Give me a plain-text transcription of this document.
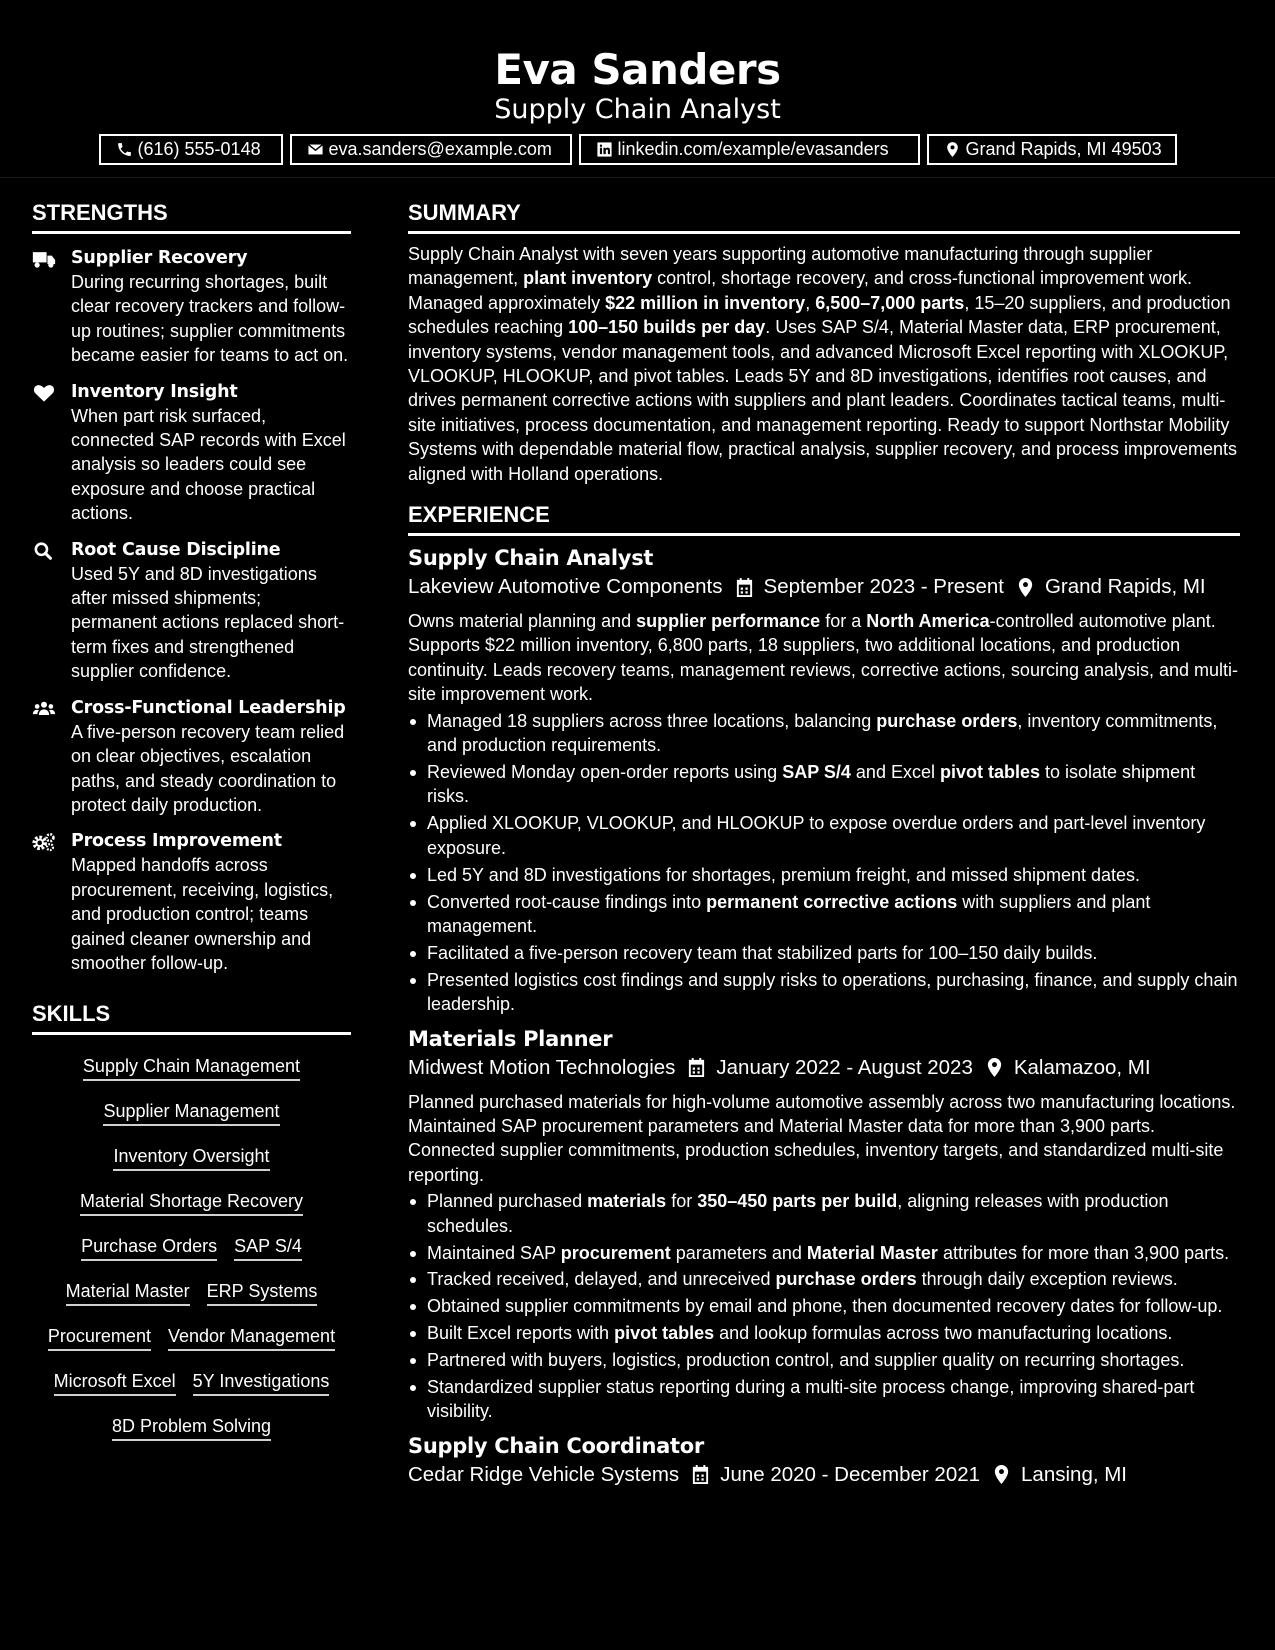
Eva Sanders
Supply Chain Analyst
(616) 555-0148	eva.sanders@example.com	linkedin.com/example/evasanders	Grand Rapids, MI 49503
STRENGTHS
Supplier Recovery
During recurring shortages, built clear recovery trackers and follow-up routines; supplier commitments became easier for teams to act on.
Inventory Insight
When part risk surfaced, connected SAP records with Excel analysis so leaders could see exposure and choose practical actions.
Root Cause Discipline
Used 5Y and 8D investigations after missed shipments; permanent actions replaced short-term fixes and strengthened supplier confidence.
Cross-Functional Leadership
A five-person recovery team relied on clear objectives, escalation paths, and steady coordination to protect daily production.
Process Improvement
Mapped handoffs across procurement, receiving, logistics, and production control; teams gained cleaner ownership and smoother follow-up.
SKILLS
Supply Chain Management
Supplier Management
Inventory Oversight
Material Shortage Recovery
Purchase Orders SAP S/4
Material Master ERP Systems
Procurement Vendor Management
Microsoft Excel 5Y Investigations
8D Problem Solving
SUMMARY
Supply Chain Analyst with seven years supporting automotive manufacturing through supplier management, plant inventory control, shortage recovery, and cross-functional improvement work. Managed approximately $22 million in inventory, 6,500–7,000 parts, 15–20 suppliers, and production schedules reaching 100–150 builds per day. Uses SAP S/4, Material Master data, ERP procurement, inventory systems, vendor management tools, and advanced Microsoft Excel reporting with XLOOKUP, VLOOKUP, HLOOKUP, and pivot tables. Leads 5Y and 8D investigations, identifies root causes, and drives permanent corrective actions with suppliers and plant leaders. Coordinates tactical teams, multi-site initiatives, process documentation, and management reporting. Ready to support Northstar Mobility Systems with dependable material flow, practical analysis, supplier recovery, and process improvements aligned with Holland operations.
EXPERIENCE
Supply Chain Analyst
Lakeview Automotive Components September 2023 - Present Grand Rapids, MI
Owns material planning and supplier performance for a North America-controlled automotive plant. Supports $22 million inventory, 6,800 parts, 18 suppliers, two additional locations, and production continuity. Leads recovery teams, management reviews, corrective actions, sourcing analysis, and multi-site improvement work.
Managed 18 suppliers across three locations, balancing purchase orders, inventory commitments, and production requirements.
Reviewed Monday open-order reports using SAP S/4 and Excel pivot tables to isolate shipment risks.
Applied XLOOKUP, VLOOKUP, and HLOOKUP to expose overdue orders and part-level inventory exposure.
Led 5Y and 8D investigations for shortages, premium freight, and missed shipment dates.
Converted root-cause findings into permanent corrective actions with suppliers and plant management.
Facilitated a five-person recovery team that stabilized parts for 100–150 daily builds.
Presented logistics cost findings and supply risks to operations, purchasing, finance, and supply chain leadership.
Materials Planner
Midwest Motion Technologies January 2022 - August 2023 Kalamazoo, MI
Planned purchased materials for high-volume automotive assembly across two manufacturing locations. Maintained SAP procurement parameters and Material Master data for more than 3,900 parts. Connected supplier commitments, production schedules, inventory targets, and standardized multi-site reporting.
Planned purchased materials for 350–450 parts per build, aligning releases with production schedules.
Maintained SAP procurement parameters and Material Master attributes for more than 3,900 parts.
Tracked received, delayed, and unreceived purchase orders through daily exception reviews.
Obtained supplier commitments by email and phone, then documented recovery dates for follow-up.
Built Excel reports with pivot tables and lookup formulas across two manufacturing locations.
Partnered with buyers, logistics, production control, and supplier quality on recurring shortages.
Standardized supplier status reporting during a multi-site process change, improving shared-part visibility.
Supply Chain Coordinator
Cedar Ridge Vehicle Systems June 2020 - December 2021 Lansing, MI
